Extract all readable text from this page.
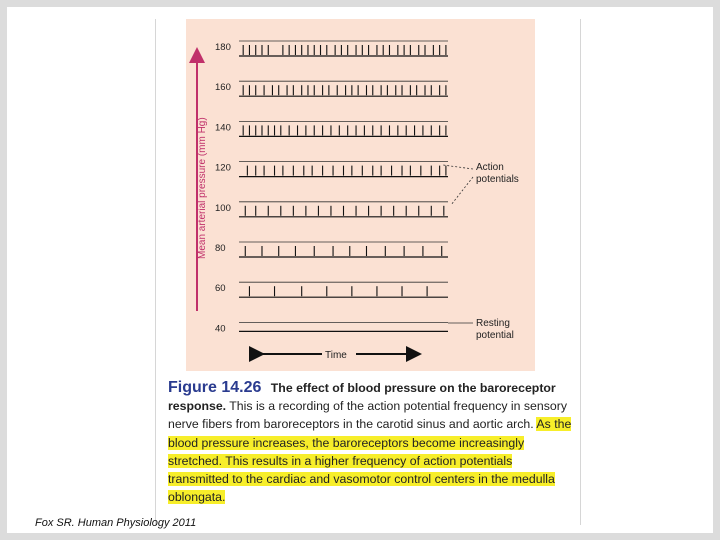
Mean arterial pressure (mm Hg)
180
160
140
120
100
80
60
40
Action
potentials
Resting
potential
Time
Figure 14.26 The effect of blood pressure on the baroreceptor response. This is a recording of the action potential frequency in sensory nerve fibers from baroreceptors in the carotid sinus and aortic arch. As the blood pressure increases, the baroreceptors become increasingly stretched. This results in a higher frequency of action potentials transmitted to the cardiac and vasomotor control centers in the medulla oblongata.
Fox SR. Human Physiology 2011
